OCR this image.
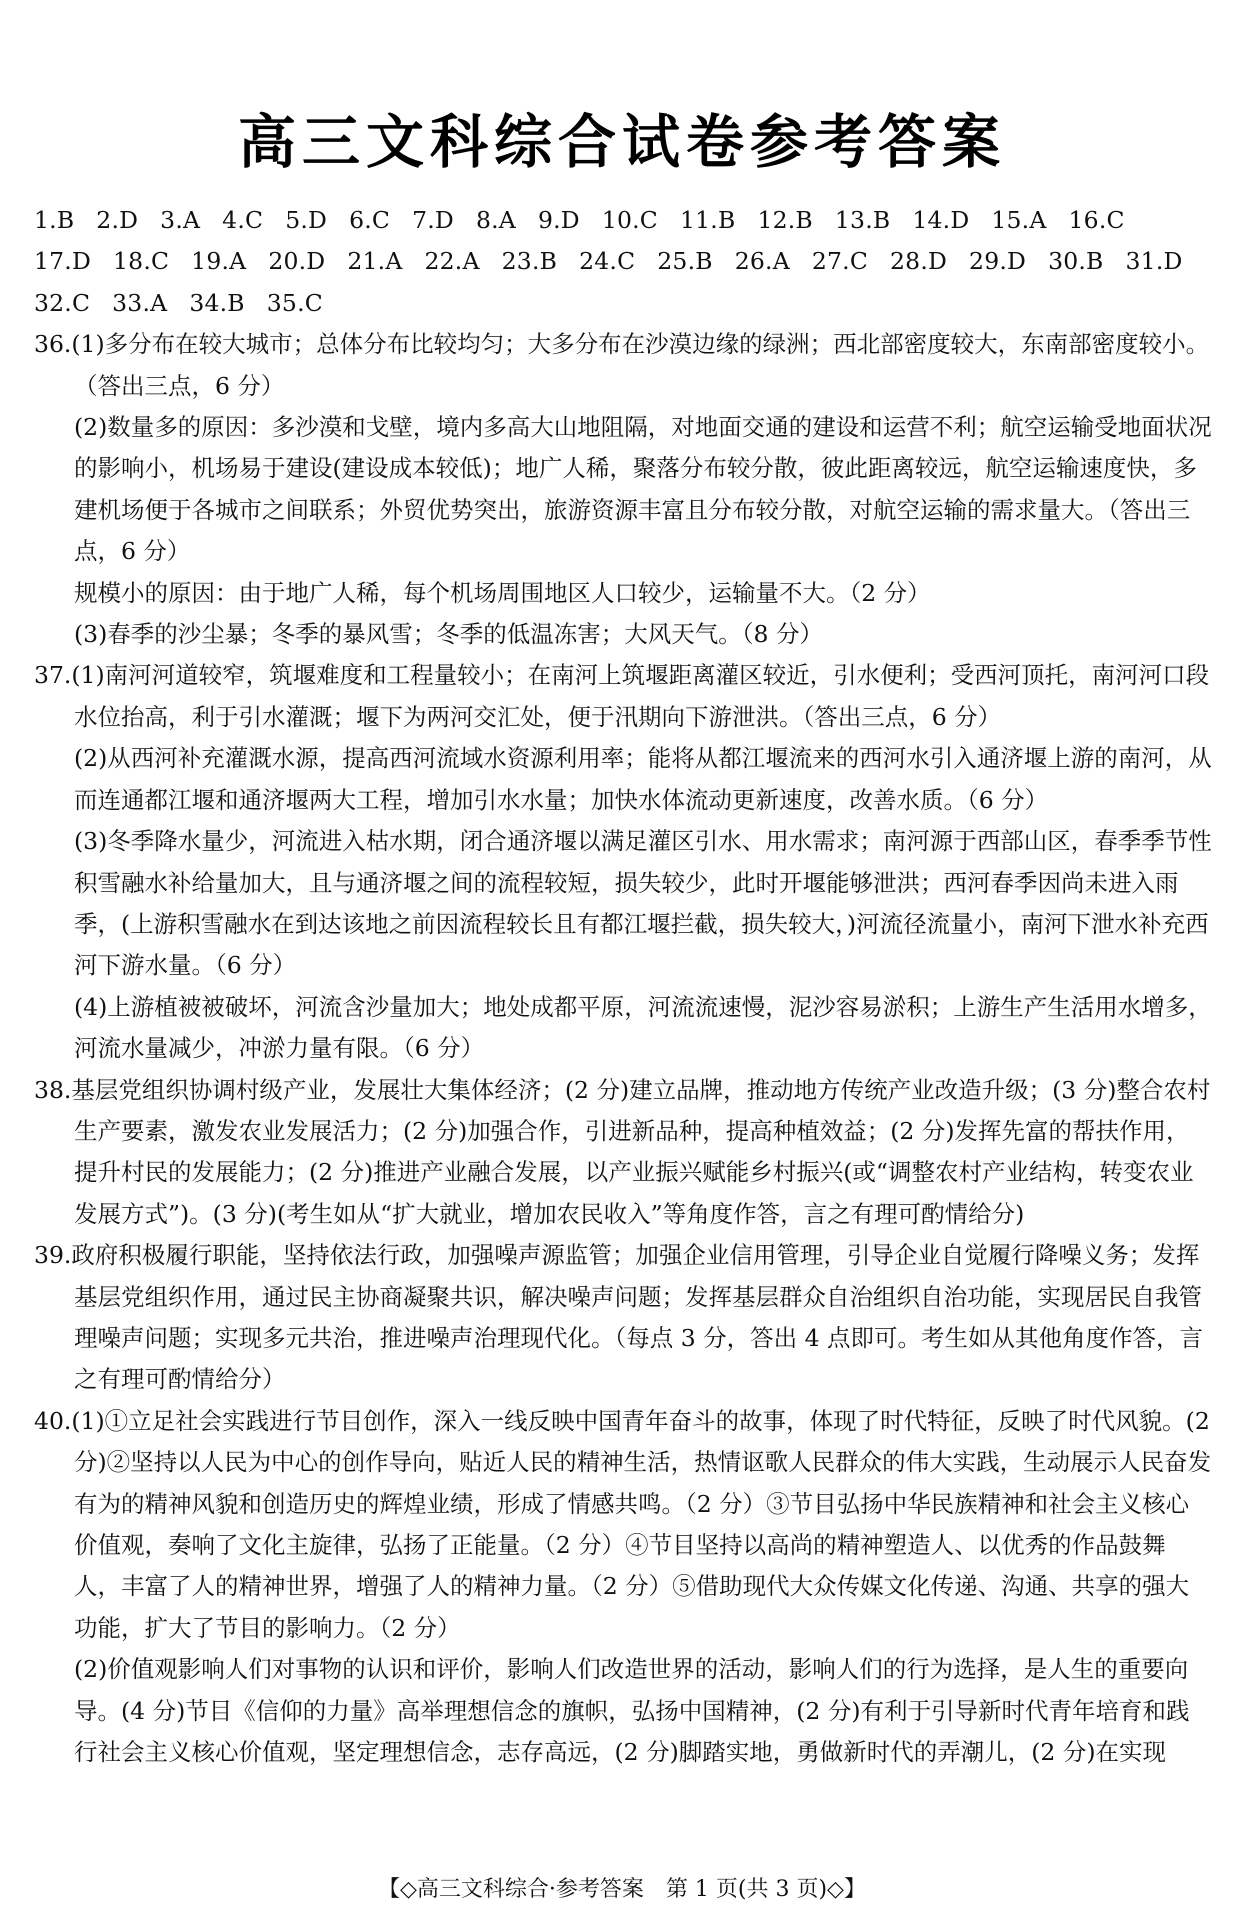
高三文科综合试卷参考答案
1.B 2.D 3.A 4.C 5.D 6.C 7.D 8.A 9.D 10.C 11.B 12.B 13.B 14.D 15.A 16.C
17.D 18.C 19.A 20.D 21.A 22.A 23.B 24.C 25.B 26.A 27.C 28.D 29.D 30.B 31.D
32.C 33.A 34.B 35.C

36.(1)多分布在较大城市；总体分布比较均匀；大多分布在沙漠边缘的绿洲；西北部密度较大，东南部密度较小。（答出三点，6 分）

(2)数量多的原因：多沙漠和戈壁，境内多高大山地阻隔，对地面交通的建设和运营不利；航空运输受地面状况的影响小，机场易于建设(建设成本较低)；地广人稀，聚落分布较分散，彼此距离较远，航空运输速度快，多建机场便于各城市之间联系；外贸优势突出，旅游资源丰富且分布较分散，对航空运输的需求量大。（答出三点，6 分）

规模小的原因：由于地广人稀，每个机场周围地区人口较少，运输量不大。（2 分）

(3)春季的沙尘暴；冬季的暴风雪；冬季的低温冻害；大风天气。（8 分）

37.(1)南河河道较窄，筑堰难度和工程量较小；在南河上筑堰距离灌区较近，引水便利；受西河顶托，南河河口段水位抬高，利于引水灌溉；堰下为两河交汇处，便于汛期向下游泄洪。（答出三点，6 分）

(2)从西河补充灌溉水源，提高西河流域水资源利用率；能将从都江堰流来的西河水引入通济堰上游的南河，从而连通都江堰和通济堰两大工程，增加引水水量；加快水体流动更新速度，改善水质。（6 分）

(3)冬季降水量少，河流进入枯水期，闭合通济堰以满足灌区引水、用水需求；南河源于西部山区，春季季节性积雪融水补给量加大，且与通济堰之间的流程较短，损失较少，此时开堰能够泄洪；西河春季因尚未进入雨季，(上游积雪融水在到达该地之前因流程较长且有都江堰拦截，损失较大，)河流径流量小，南河下泄水补充西河下游水量。（6 分）

(4)上游植被被破坏，河流含沙量加大；地处成都平原，河流流速慢，泥沙容易淤积；上游生产生活用水增多，河流水量减少，冲淤力量有限。（6 分）

38.基层党组织协调村级产业，发展壮大集体经济；(2 分)建立品牌，推动地方传统产业改造升级；(3 分)整合农村生产要素，激发农业发展活力；(2 分)加强合作，引进新品种，提高种植效益；(2 分)发挥先富的帮扶作用，提升村民的发展能力；(2 分)推进产业融合发展，以产业振兴赋能乡村振兴(或“调整农村产业结构，转变农业发展方式”)。(3 分)(考生如从“扩大就业，增加农民收入”等角度作答，言之有理可酌情给分)

39.政府积极履行职能，坚持依法行政，加强噪声源监管；加强企业信用管理，引导企业自觉履行降噪义务；发挥基层党组织作用，通过民主协商凝聚共识，解决噪声问题；发挥基层群众自治组织自治功能，实现居民自我管理噪声问题；实现多元共治，推进噪声治理现代化。（每点 3 分，答出 4 点即可。考生如从其他角度作答，言之有理可酌情给分）

40.(1)①立足社会实践进行节目创作，深入一线反映中国青年奋斗的故事，体现了时代特征，反映了时代风貌。(2 分)②坚持以人民为中心的创作导向，贴近人民的精神生活，热情讴歌人民群众的伟大实践，生动展示人民奋发有为的精神风貌和创造历史的辉煌业绩，形成了情感共鸣。（2 分）③节目弘扬中华民族精神和社会主义核心价值观，奏响了文化主旋律，弘扬了正能量。（2 分）④节目坚持以高尚的精神塑造人、以优秀的作品鼓舞人，丰富了人的精神世界，增强了人的精神力量。（2 分）⑤借助现代大众传媒文化传递、沟通、共享的强大功能，扩大了节目的影响力。（2 分）

(2)价值观影响人们对事物的认识和评价，影响人们改造世界的活动，影响人们的行为选择，是人生的重要向导。(4 分)节目《信仰的力量》高举理想信念的旗帜，弘扬中国精神，(2 分)有利于引导新时代青年培育和践行社会主义核心价值观，坚定理想信念，志存高远，(2 分)脚踏实地，勇做新时代的弄潮儿，(2 分)在实现

【◇高三文科综合·参考答案　第 1 页(共 3 页)◇】
